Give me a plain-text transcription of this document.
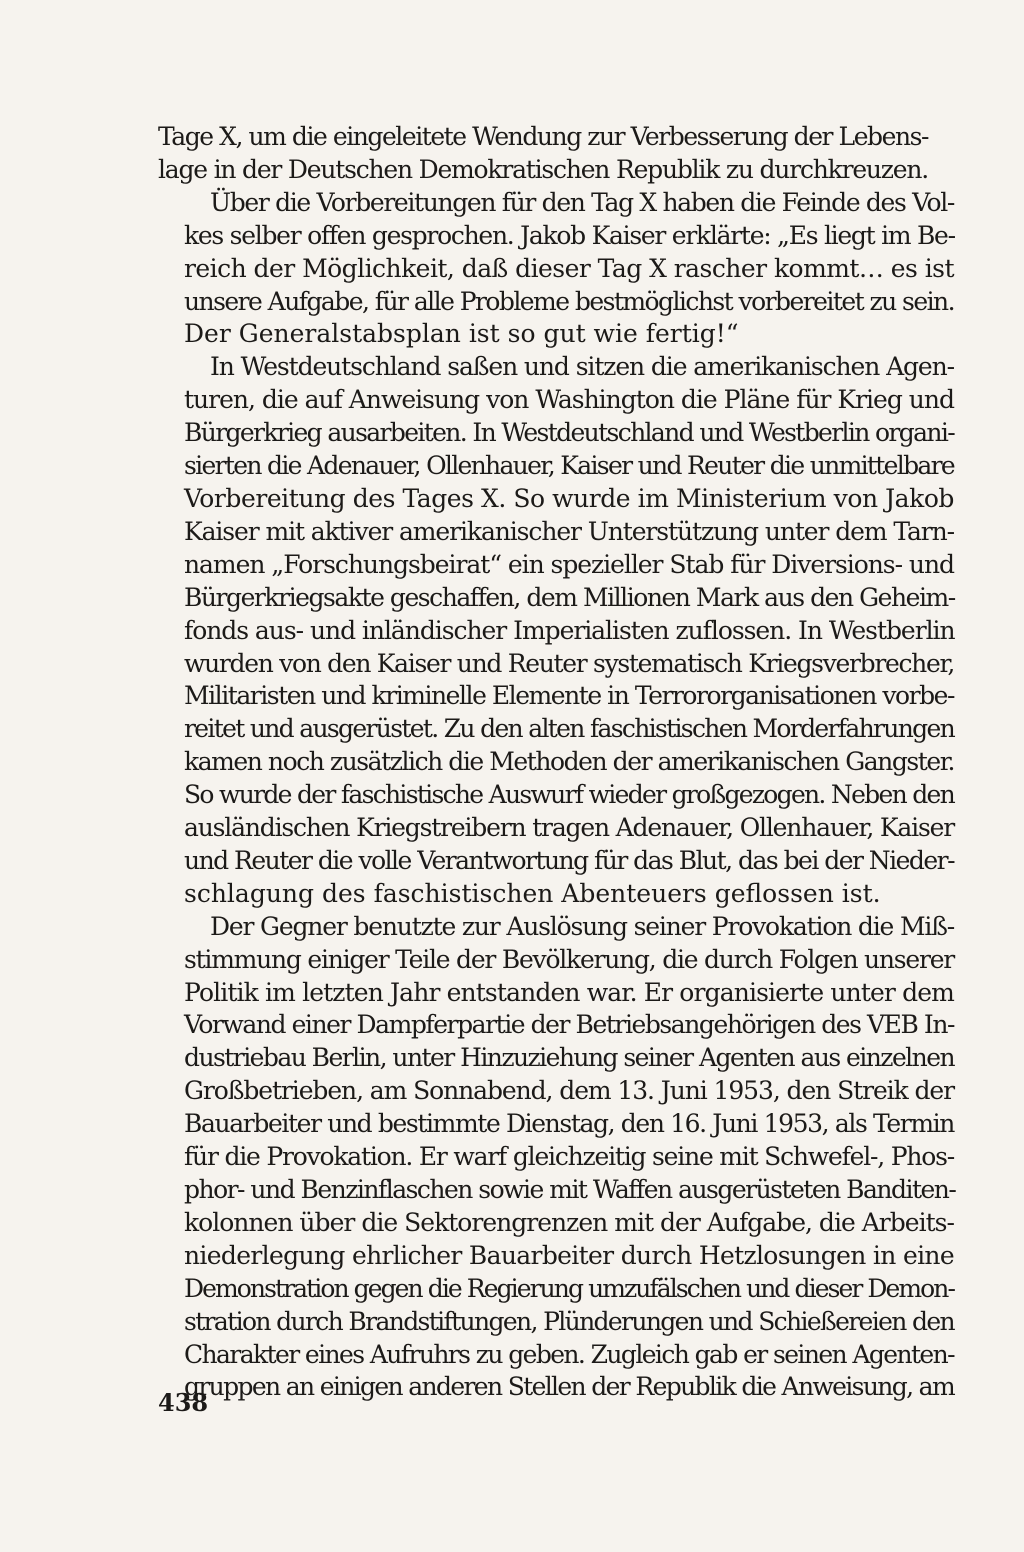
Tage X, um die eingeleitete Wendung zur Verbesserung der Lebens-
lage in der Deutschen Demokratischen Republik zu durchkreuzen.
Über die Vorbereitungen für den Tag X haben die Feinde des Vol-
kes selber offen gesprochen. Jakob Kaiser erklärte: „Es liegt im Be-
reich der Möglichkeit, daß dieser Tag X rascher kommt… es ist
unsere Aufgabe, für alle Probleme bestmöglichst vorbereitet zu sein.
Der Generalstabsplan ist so gut wie fertig!“
In Westdeutschland saßen und sitzen die amerikanischen Agen-
turen, die auf Anweisung von Washington die Pläne für Krieg und
Bürgerkrieg ausarbeiten. In Westdeutschland und Westberlin organi-
sierten die Adenauer, Ollenhauer, Kaiser und Reuter die unmittelbare
Vorbereitung des Tages X. So wurde im Ministerium von Jakob
Kaiser mit aktiver amerikanischer Unterstützung unter dem Tarn-
namen „Forschungsbeirat“ ein spezieller Stab für Diversions- und
Bürgerkriegsakte geschaffen, dem Millionen Mark aus den Geheim-
fonds aus- und inländischer Imperialisten zuflossen. In Westberlin
wurden von den Kaiser und Reuter systematisch Kriegsverbrecher,
Militaristen und kriminelle Elemente in Terrororganisationen vorbe-
reitet und ausgerüstet. Zu den alten faschistischen Morderfahrungen
kamen noch zusätzlich die Methoden der amerikanischen Gangster.
So wurde der faschistische Auswurf wieder großgezogen. Neben den
ausländischen Kriegstreibern tragen Adenauer, Ollenhauer, Kaiser
und Reuter die volle Verantwortung für das Blut, das bei der Nieder-
schlagung des faschistischen Abenteuers geflossen ist.
Der Gegner benutzte zur Auslösung seiner Provokation die Miß-
stimmung einiger Teile der Bevölkerung, die durch Folgen unserer
Politik im letzten Jahr entstanden war. Er organisierte unter dem
Vorwand einer Dampferpartie der Betriebsangehörigen des VEB In-
dustriebau Berlin, unter Hinzuziehung seiner Agenten aus einzelnen
Großbetrieben, am Sonnabend, dem 13. Juni 1953, den Streik der
Bauarbeiter und bestimmte Dienstag, den 16. Juni 1953, als Termin
für die Provokation. Er warf gleichzeitig seine mit Schwefel-, Phos-
phor- und Benzinflaschen sowie mit Waffen ausgerüsteten Banditen-
kolonnen über die Sektorengrenzen mit der Aufgabe, die Arbeits-
niederlegung ehrlicher Bauarbeiter durch Hetzlosungen in eine
Demonstration gegen die Regierung umzufälschen und dieser Demon-
stration durch Brandstiftungen, Plünderungen und Schießereien den
Charakter eines Aufruhrs zu geben. Zugleich gab er seinen Agenten-
gruppen an einigen anderen Stellen der Republik die Anweisung, am
438
